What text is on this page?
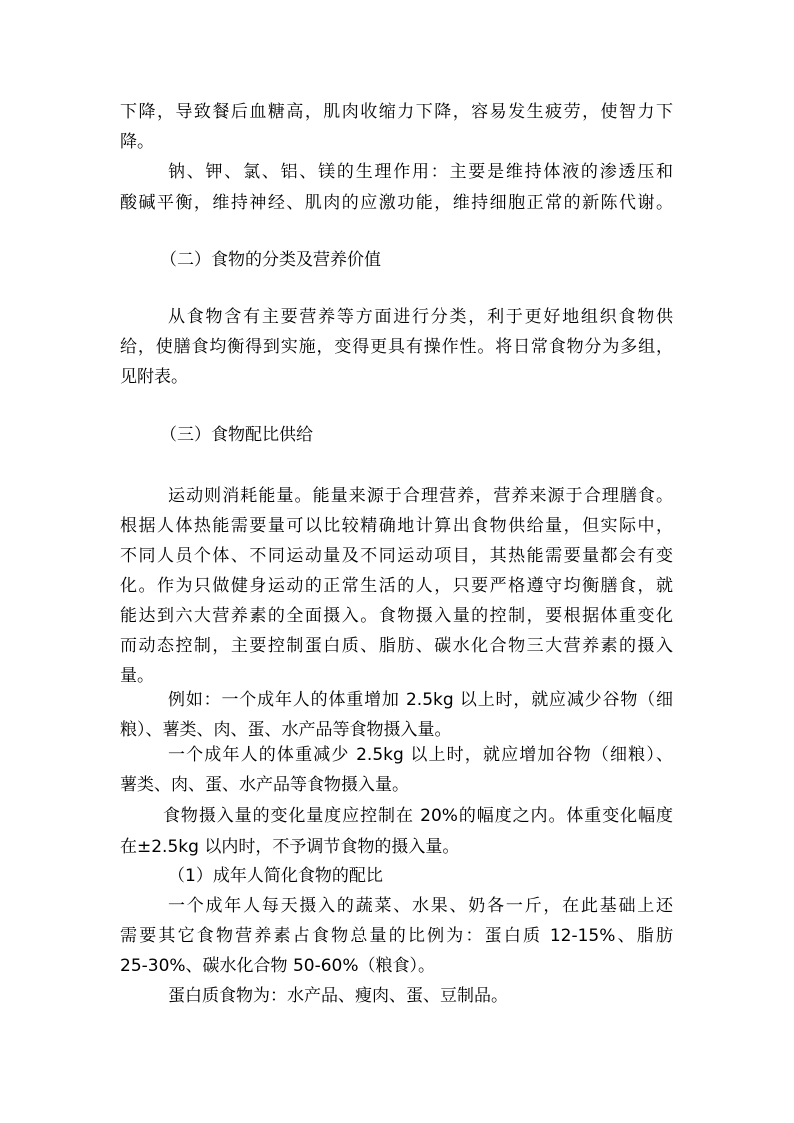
下降，导致餐后血糖高，肌肉收缩力下降，容易发生疲劳，使智力下
降。
钠、钾、氯、铝、镁的生理作用：主要是维持体液的渗透压和
酸碱平衡，维持神经、肌肉的应激功能，维持细胞正常的新陈代谢。
（二）食物的分类及营养价值
从食物含有主要营养等方面进行分类，利于更好地组织食物供
给，使膳食均衡得到实施，变得更具有操作性。将日常食物分为多组，
见附表。
（三）食物配比供给
运动则消耗能量。能量来源于合理营养，营养来源于合理膳食。
根据人体热能需要量可以比较精确地计算出食物供给量，但实际中，
不同人员个体、不同运动量及不同运动项目，其热能需要量都会有变
化。作为只做健身运动的正常生活的人，只要严格遵守均衡膳食，就
能达到六大营养素的全面摄入。食物摄入量的控制，要根据体重变化
而动态控制，主要控制蛋白质、脂肪、碳水化合物三大营养素的摄入
量。
例如：一个成年人的体重增加 2.5kg 以上时，就应减少谷物（细
粮）、薯类、肉、蛋、水产品等食物摄入量。
一个成年人的体重减少 2.5kg 以上时，就应增加谷物（细粮）、
薯类、肉、蛋、水产品等食物摄入量。
食物摄入量的变化量度应控制在 20%的幅度之内。体重变化幅度
在±2.5kg 以内时，不予调节食物的摄入量。
（1）成年人简化食物的配比
一个成年人每天摄入的蔬菜、水果、奶各一斤，在此基础上还
需要其它食物营养素占食物总量的比例为：蛋白质 12-15%、脂肪
25-30%、碳水化合物 50-60%（粮食）。
蛋白质食物为：水产品、瘦肉、蛋、豆制品。
